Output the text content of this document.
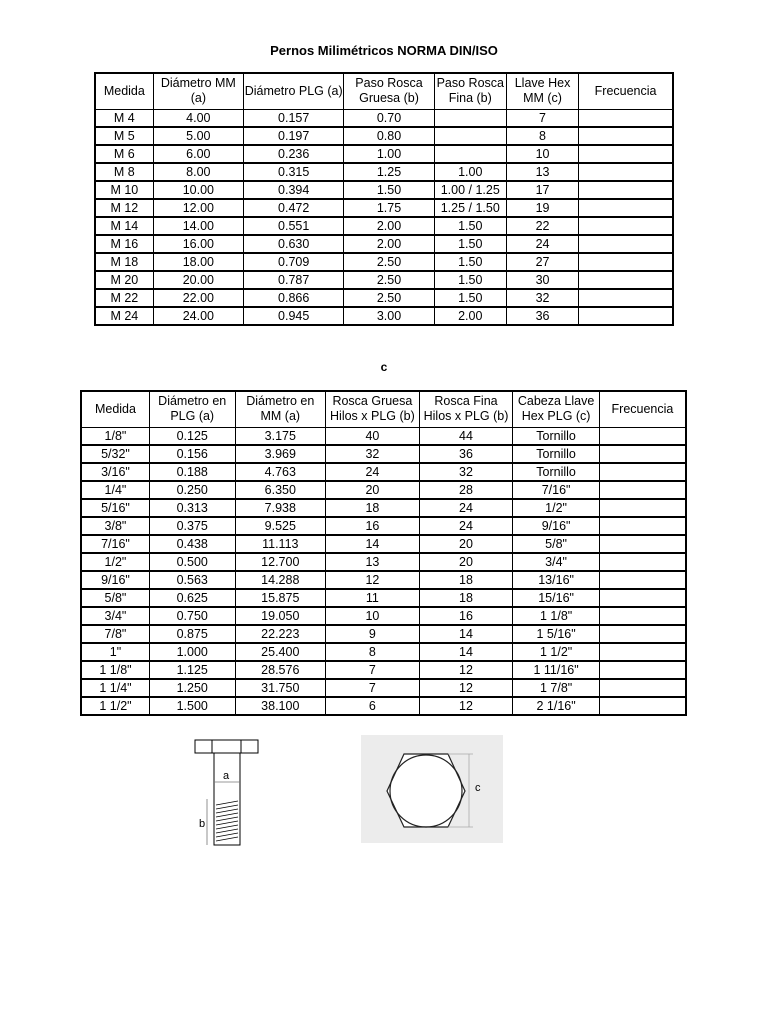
Pernos Milimétricos NORMA DIN/ISO
Medida	Diámetro MM (a)	Diámetro PLG (a)	Paso Rosca Gruesa (b)	Paso Rosca Fina (b)	Llave Hex MM (c)	Frecuencia
M 4	4.00	0.157	0.70		7	
M 5	5.00	0.197	0.80		8	
M 6	6.00	0.236	1.00		10	
M 8	8.00	0.315	1.25	1.00	13	
M 10	10.00	0.394	1.50	1.00 / 1.25	17	
M 12	12.00	0.472	1.75	1.25 / 1.50	19	
M 14	14.00	0.551	2.00	1.50	22	
M 16	16.00	0.630	2.00	1.50	24	
M 18	18.00	0.709	2.50	1.50	27	
M 20	20.00	0.787	2.50	1.50	30	
M 22	22.00	0.866	2.50	1.50	32	
M 24	24.00	0.945	3.00	2.00	36	
c
Medida	Diámetro en PLG (a)	Diámetro en MM (a)	Rosca Gruesa Hilos x PLG (b)	Rosca Fina Hilos x PLG (b)	Cabeza Llave Hex PLG (c)	Frecuencia
1/8"	0.125	3.175	40	44	Tornillo	
5/32"	0.156	3.969	32	36	Tornillo	
3/16"	0.188	4.763	24	32	Tornillo	
1/4"	0.250	6.350	20	28	7/16"	
5/16"	0.313	7.938	18	24	1/2"	
3/8"	0.375	9.525	16	24	9/16"	
7/16"	0.438	11.113	14	20	5/8"	
1/2"	0.500	12.700	13	20	3/4"	
9/16"	0.563	14.288	12	18	13/16"	
5/8"	0.625	15.875	11	18	15/16"	
3/4"	0.750	19.050	10	16	1 1/8"	
7/8"	0.875	22.223	9	14	1 5/16"	
1"	1.000	25.400	8	14	1 1/2"	
1 1/8"	1.125	28.576	7	12	1 11/16"	
1 1/4"	1.250	31.750	7	12	1 7/8"	
1 1/2"	1.500	38.100	6	12	2 1/16"	
a
b
c
